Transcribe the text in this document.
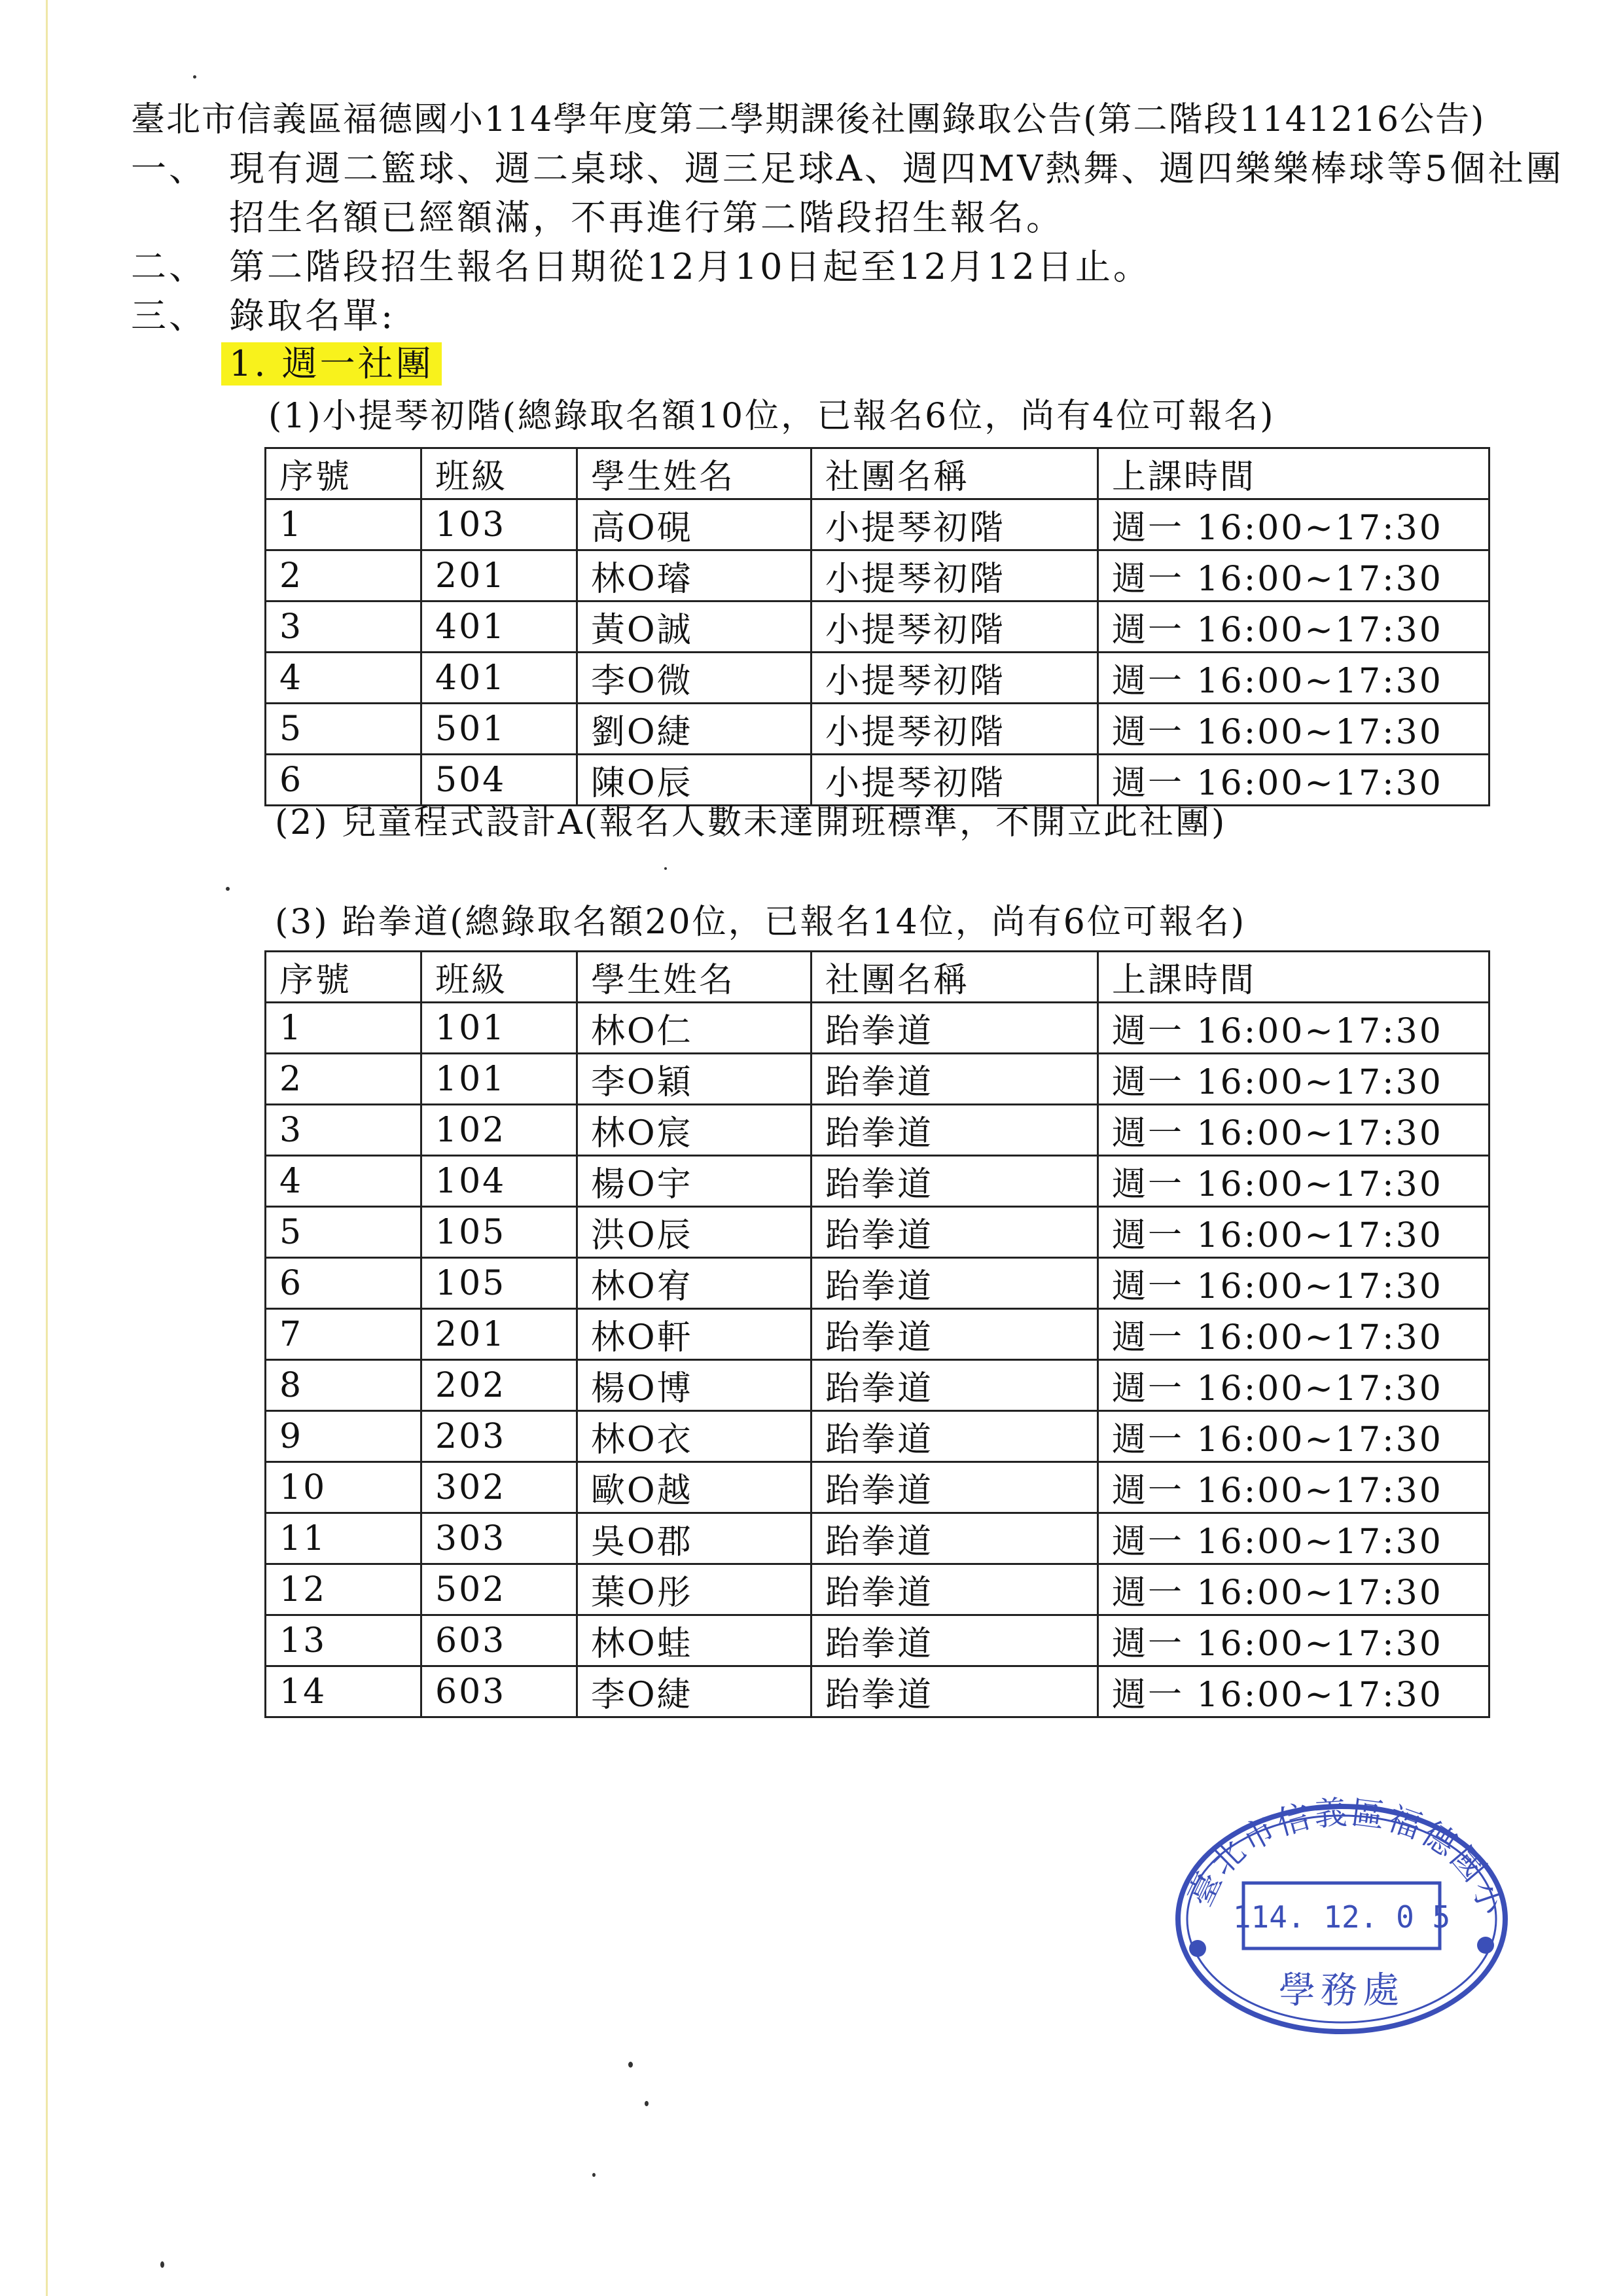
臺北市信義區福德國小114學年度第二學期課後社團錄取公告(第二階段1141216公告)
一、 現有週二籃球、週二桌球、週三足球A、週四MV熱舞、週四樂樂棒球等5個社團
招生名額已經額滿，不再進行第二階段招生報名。
二、 第二階段招生報名日期從12月10日起至12月12日止。
三、 錄取名單:
1. 週一社團
(1)小提琴初階(總錄取名額10位，已報名6位，尚有4位可報名)
序號	班級	學生姓名	社團名稱	上課時間
1	103	高O硯	小提琴初階	週一 16:00~17:30
2	201	林O璿	小提琴初階	週一 16:00~17:30
3	401	黃O誠	小提琴初階	週一 16:00~17:30
4	401	李O微	小提琴初階	週一 16:00~17:30
5	501	劉O緁	小提琴初階	週一 16:00~17:30
6	504	陳O辰	小提琴初階	週一 16:00~17:30
(2) 兒童程式設計A(報名人數未達開班標準，不開立此社團)
(3) 跆拳道(總錄取名額20位，已報名14位，尚有6位可報名)
序號	班級	學生姓名	社團名稱	上課時間
1	101	林O仁	跆拳道	週一 16:00~17:30
2	101	李O穎	跆拳道	週一 16:00~17:30
3	102	林O宸	跆拳道	週一 16:00~17:30
4	104	楊O宇	跆拳道	週一 16:00~17:30
5	105	洪O辰	跆拳道	週一 16:00~17:30
6	105	林O宥	跆拳道	週一 16:00~17:30
7	201	林O軒	跆拳道	週一 16:00~17:30
8	202	楊O博	跆拳道	週一 16:00~17:30
9	203	林O衣	跆拳道	週一 16:00~17:30
10	302	歐O越	跆拳道	週一 16:00~17:30
11	303	吳O郡	跆拳道	週一 16:00~17:30
12	502	葉O彤	跆拳道	週一 16:00~17:30
13	603	林O蛙	跆拳道	週一 16:00~17:30
14	603	李O緁	跆拳道	週一 16:00~17:30
臺北市信義區福德國小
114. 12. 0 5
學務處
